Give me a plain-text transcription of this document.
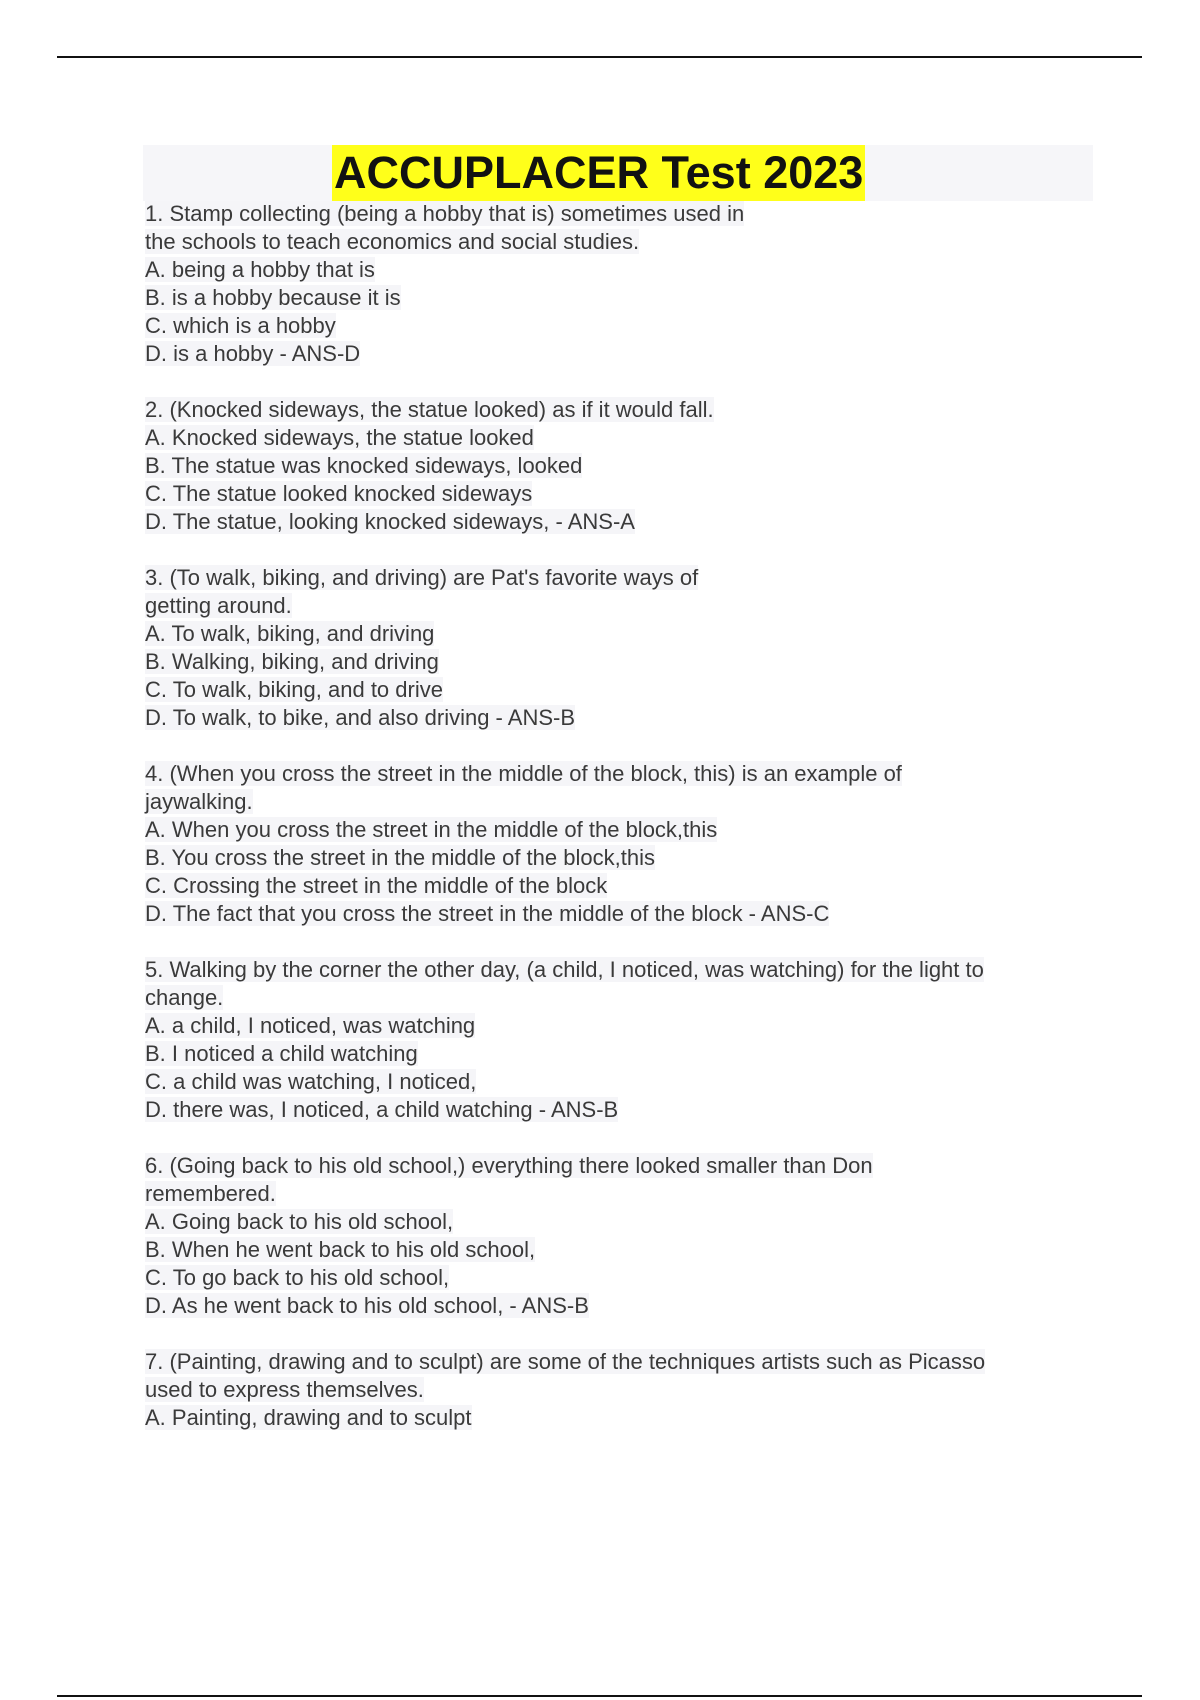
ACCUPLACER Test 2023

1. Stamp collecting (being a hobby that is) sometimes used in
the schools to teach economics and social studies.

A. being a hobby that is
B. is a hobby because it is
C. which is a hobby
D. is a hobby - ANS-D

2. (Knocked sideways, the statue looked) as if it would fall.

A. Knocked sideways, the statue looked
B. The statue was knocked sideways, looked
C. The statue looked knocked sideways
D. The statue, looking knocked sideways, - ANS-A

3. (To walk, biking, and driving) are Pat's favorite ways of
getting around.

A. To walk, biking, and driving
B. Walking, biking, and driving
C. To walk, biking, and to drive
D. To walk, to bike, and also driving - ANS-B

4. (When you cross the street in the middle of the block, this) is an example of
jaywalking.

A. When you cross the street in the middle of the block,this
B. You cross the street in the middle of the block,this
C. Crossing the street in the middle of the block
D. The fact that you cross the street in the middle of the block - ANS-C

5. Walking by the corner the other day, (a child, I noticed, was watching) for the light to
change.

A. a child, I noticed, was watching
B. I noticed a child watching
C. a child was watching, I noticed,
D. there was, I noticed, a child watching - ANS-B

6. (Going back to his old school,) everything there looked smaller than Don
remembered.

A. Going back to his old school,
B. When he went back to his old school,
C. To go back to his old school,
D. As he went back to his old school, - ANS-B

7. (Painting, drawing and to sculpt) are some of the techniques artists such as Picasso
used to express themselves.

A. Painting, drawing and to sculpt
